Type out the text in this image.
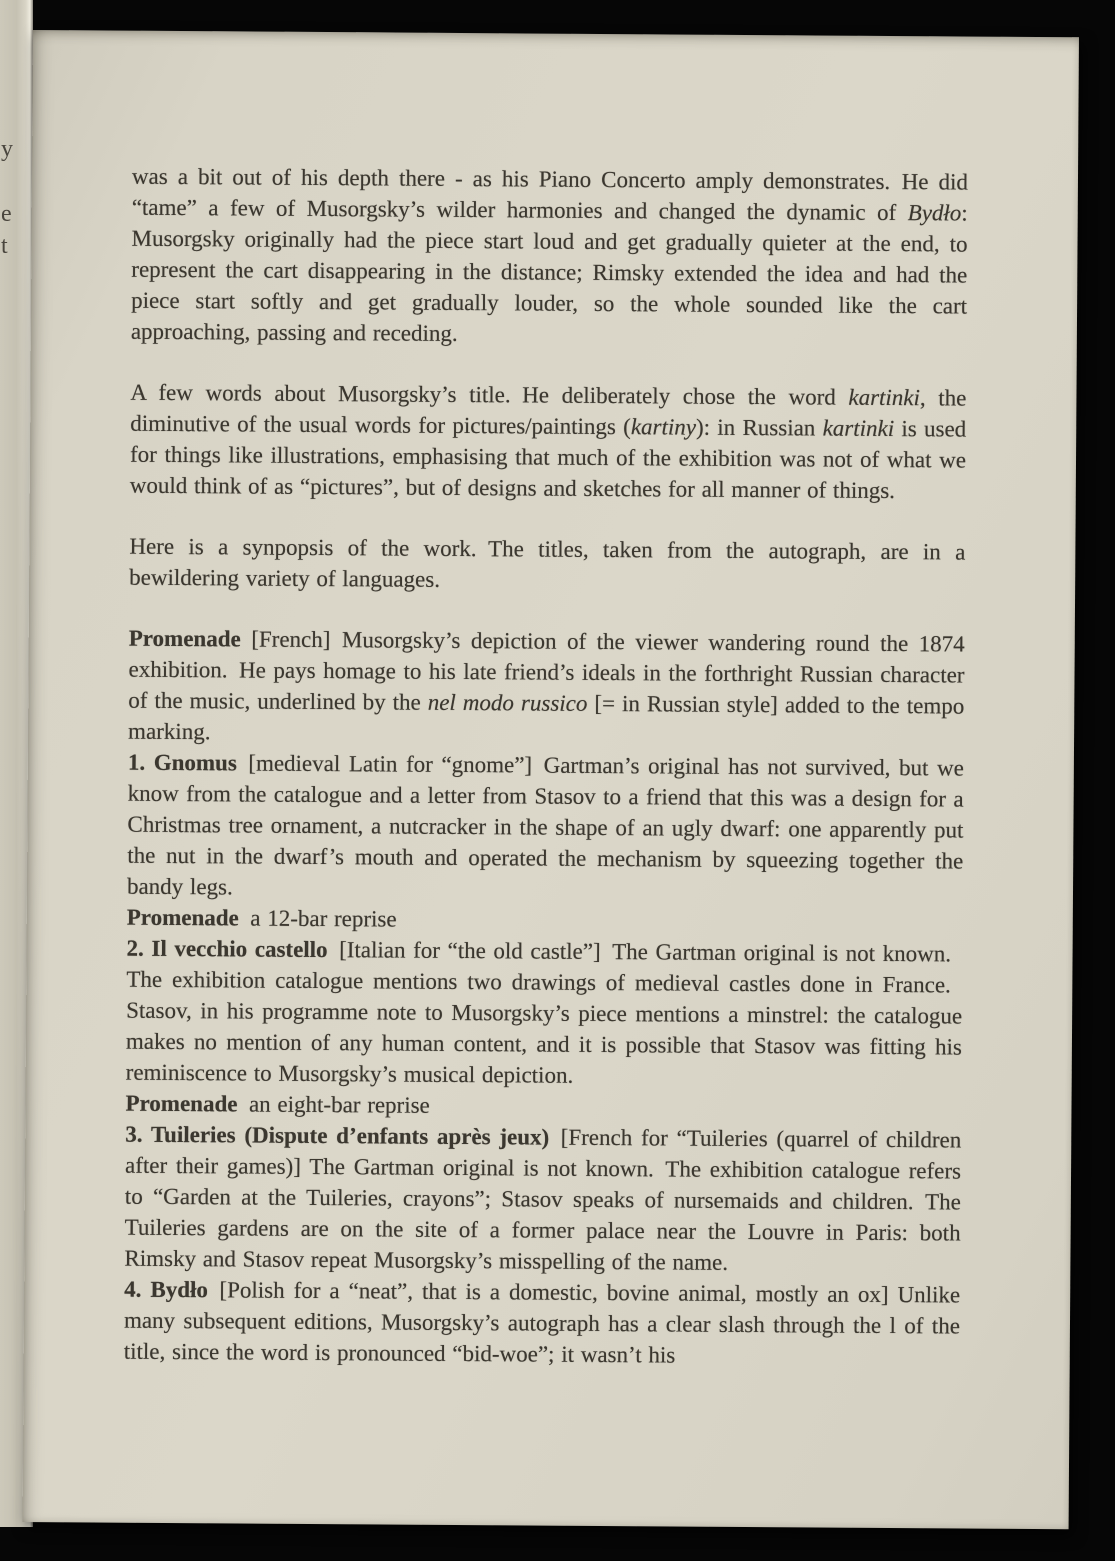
y
e
t

was a bit out of his depth there - as his Piano Concerto amply demonstrates. He did “tame” a few of Musorgsky’s wilder harmonies and changed the dynamic of Bydło: Musorgsky originally had the piece start loud and get gradually quieter at the end, to represent the cart disappearing in the distance; Rimsky extended the idea and had the piece start softly and get gradually louder, so the whole sounded like the cart approaching, passing and receding.

A few words about Musorgsky’s title. He deliberately chose the word kartinki, the diminutive of the usual words for pictures/paintings (kartiny): in Russian kartinki is used for things like illustrations, emphasising that much of the exhibition was not of what we would think of as “pictures”, but of designs and sketches for all manner of things.

Here is a synpopsis of the work. The titles, taken from the autograph, are in a bewildering variety of languages.

Promenade [French] Musorgsky’s depiction of the viewer wandering round the 1874 exhibition. He pays homage to his late friend’s ideals in the forthright Russian character of the music, underlined by the nel modo russico [= in Russian style] added to the tempo marking.

1. Gnomus [medieval Latin for “gnome”] Gartman’s original has not survived, but we know from the catalogue and a letter from Stasov to a friend that this was a design for a Christmas tree ornament, a nutcracker in the shape of an ugly dwarf: one apparently put the nut in the dwarf’s mouth and operated the mechanism by squeezing together the bandy legs.

Promenade a 12-bar reprise

2. Il vecchio castello [Italian for “the old castle”] The Gartman original is not known. The exhibition catalogue mentions two drawings of medieval castles done in France. Stasov, in his programme note to Musorgsky’s piece mentions a minstrel: the catalogue makes no mention of any human content, and it is possible that Stasov was fitting his reminiscence to Musorgsky’s musical depiction.

Promenade an eight-bar reprise

3. Tuileries (Dispute d’enfants après jeux) [French for “Tuileries (quarrel of children after their games)] The Gartman original is not known. The exhibition catalogue refers to “Garden at the Tuileries, crayons”; Stasov speaks of nursemaids and children. The Tuileries gardens are on the site of a former palace near the Louvre in Paris: both Rimsky and Stasov repeat Musorgsky’s misspelling of the name.

4. Bydło [Polish for a “neat”, that is a domestic, bovine animal, mostly an ox] Unlike many subsequent editions, Musorgsky’s autograph has a clear slash through the l of the title, since the word is pronounced “bid-woe”; it wasn’t his
